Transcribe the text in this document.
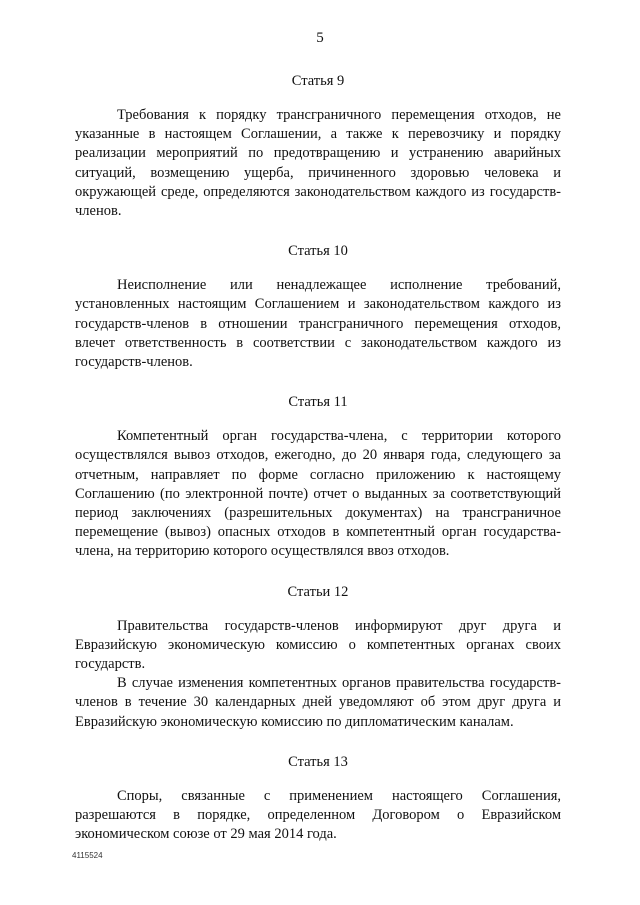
5
Статья 9

Требования к порядку трансграничного перемещения отходов, не указанные в настоящем Соглашении, а также к перевозчику и порядку реализации мероприятий по предотвращению и устранению аварийных ситуаций, возмещению ущерба, причиненного здоровью человека и окружающей среде, определяются законодательством каждого из государств-членов.

Статья 10

Неисполнение или ненадлежащее исполнение требований, установленных настоящим Соглашением и законодательством каждого из государств-членов в отношении трансграничного перемещения отходов, влечет ответственность в соответствии с законодательством каждого из государств-членов.

Статья 11

Компетентный орган государства-члена, с территории которого осуществлялся вывоз отходов, ежегодно, до 20 января года, следующего за отчетным, направляет по форме согласно приложению к настоящему Соглашению (по электронной почте) отчет о выданных за соответствующий период заключениях (разрешительных документах) на трансграничное перемещение (вывоз) опасных отходов в компетентный орган государства-члена, на территорию которого осуществлялся ввоз отходов.

Статьи 12

Правительства государств-членов информируют друг друга и Евразийскую экономическую комиссию о компетентных органах своих государств.

В случае изменения компетентных органов правительства государств-членов в течение 30 календарных дней уведомляют об этом друг друга и Евразийскую экономическую комиссию по дипломатическим каналам.

Статья 13

Споры, связанные с применением настоящего Соглашения, разрешаются в порядке, определенном Договором о Евразийском экономическом союзе от 29 мая 2014 года.

4115524
